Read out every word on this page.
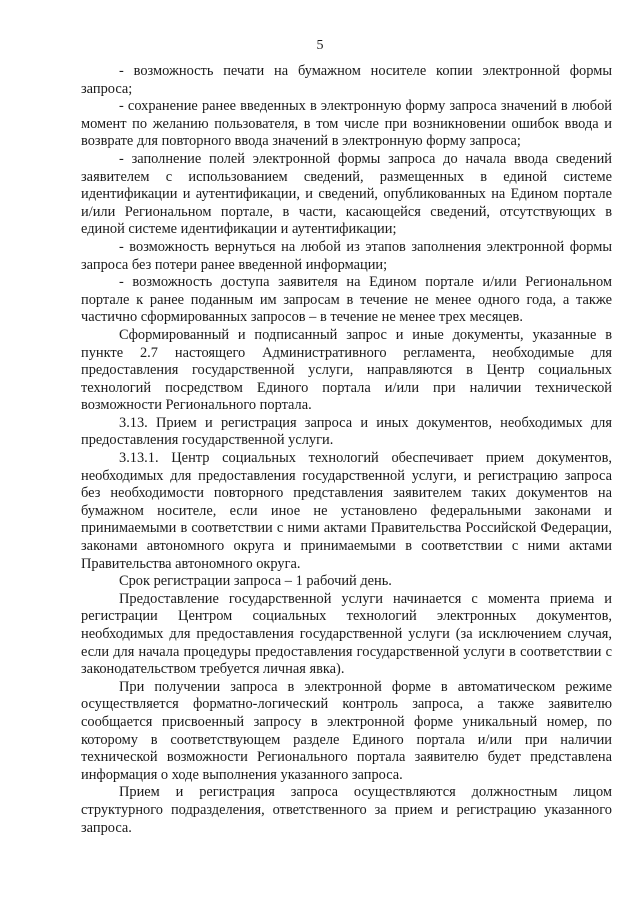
5

- возможность печати на бумажном носителе копии электронной формы запроса;

- сохранение ранее введенных в электронную форму запроса значений в любой момент по желанию пользователя, в том числе при возникновении ошибок ввода и возврате для повторного ввода значений в электронную форму запроса;

- заполнение полей электронной формы запроса до начала ввода сведений заявителем с использованием сведений, размещенных в единой системе идентификации и аутентификации, и сведений, опубликованных на Едином портале и/или Региональном портале, в части, касающейся сведений, отсутствующих в единой системе идентификации и аутентификации;

- возможность вернуться на любой из этапов заполнения электронной формы запроса без потери ранее введенной информации;

- возможность доступа заявителя на Едином портале и/или Региональном портале к ранее поданным им запросам в течение не менее одного года, а также частично сформированных запросов – в течение не менее трех месяцев.

Сформированный и подписанный запрос и иные документы, указанные в пункте 2.7 настоящего Административного регламента, необходимые для предоставления государственной услуги, направляются в Центр социальных технологий посредством Единого портала и/или при наличии технической возможности Регионального портала.

3.13. Прием и регистрация запроса и иных документов, необходимых для предоставления государственной услуги.

3.13.1. Центр социальных технологий обеспечивает прием документов, необходимых для предоставления государственной услуги, и регистрацию запроса без необходимости повторного представления заявителем таких документов на бумажном носителе, если иное не установлено федеральными законами и принимаемыми в соответствии с ними актами Правительства Российской Федерации, законами автономного округа и принимаемыми в соответствии с ними актами Правительства автономного округа.

Срок регистрации запроса – 1 рабочий день.

Предоставление государственной услуги начинается с момента приема и регистрации Центром социальных технологий электронных документов, необходимых для предоставления государственной услуги (за исключением случая, если для начала процедуры предоставления государственной услуги в соответствии с законодательством требуется личная явка).

При получении запроса в электронной форме в автоматическом режиме осуществляется форматно-логический контроль запроса, а также заявителю сообщается присвоенный запросу в электронной форме уникальный номер, по которому в соответствующем разделе Единого портала и/или при наличии технической возможности Регионального портала заявителю будет представлена информация о ходе выполнения указанного запроса.

Прием и регистрация запроса осуществляются должностным лицом структурного подразделения, ответственного за прием и регистрацию указанного запроса.
